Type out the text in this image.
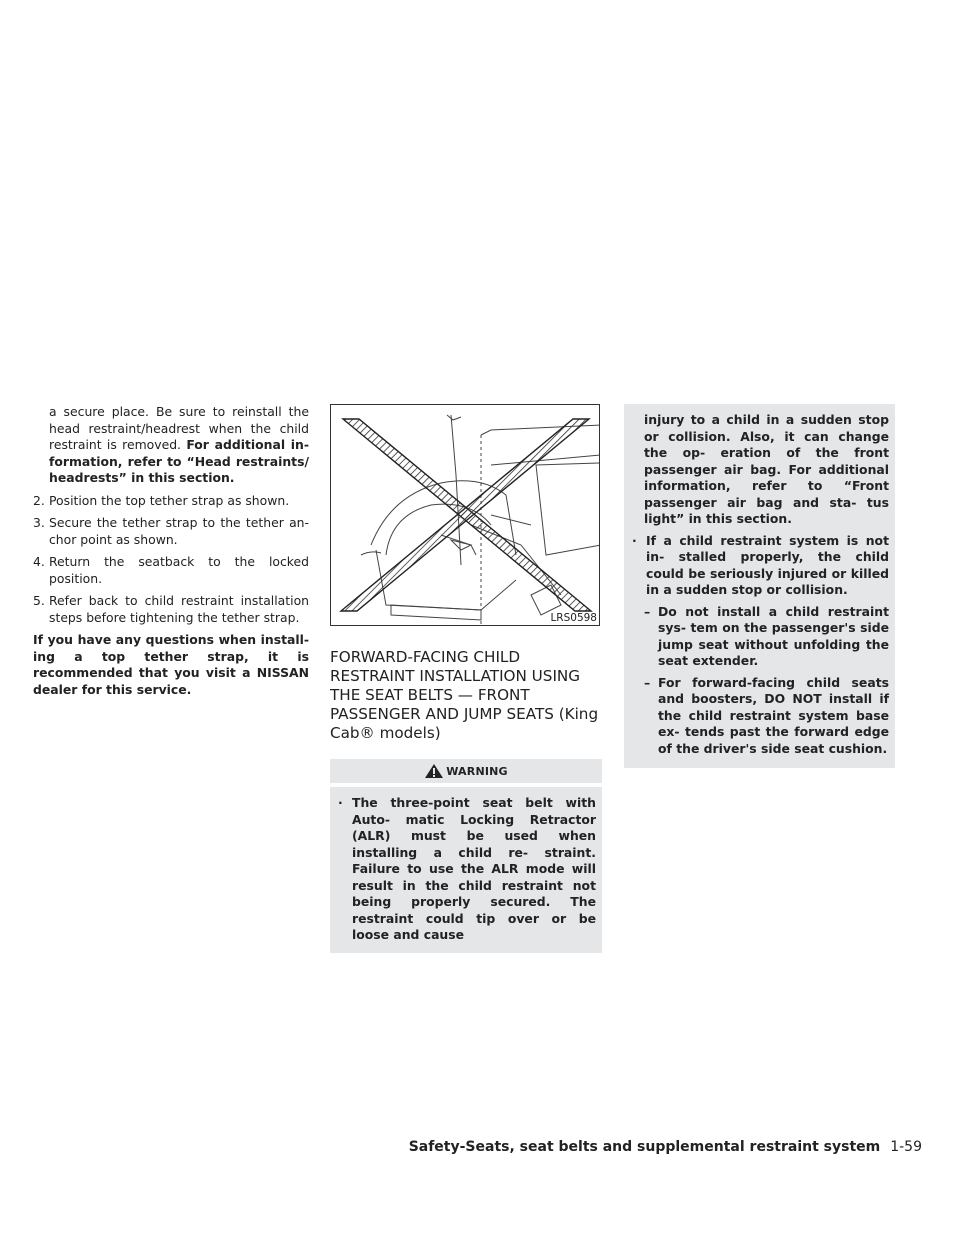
a secure place. Be sure to reinstall the head restraint/headrest when the child restraint is removed. For additional in- formation, refer to “Head restraints/ headrests” in this section.

2. Position the top tether strap as shown.
3. Secure the tether strap to the tether an- chor point as shown.
4. Return the seatback to the locked position.
5. Refer back to child restraint installation steps before tightening the tether strap.

If you have any questions when install- ing a top tether strap, it is recommended that you visit a NISSAN dealer for this service.

LRS0598
FORWARD-FACING CHILD RESTRAINT INSTALLATION USING THE SEAT BELTS — FRONT PASSENGER AND JUMP SEATS (King Cab® models)
WARNING
· The three-point seat belt with Auto- matic Locking Retractor (ALR) must be used when installing a child re- straint. Failure to use the ALR mode will result in the child restraint not being properly secured. The restraint could tip over or be loose and cause

injury to a child in a sudden stop or collision. Also, it can change the op- eration of the front passenger air bag. For additional information, refer to “Front passenger air bag and sta- tus light” in this section.

· If a child restraint system is not in- stalled properly, the child could be seriously injured or killed in a sudden stop or collision.
– Do not install a child restraint sys- tem on the passenger's side jump seat without unfolding the seat extender.
– For forward-facing child seats and boosters, DO NOT install if the child restraint system base ex- tends past the forward edge of the driver's side seat cushion.
Safety-Seats, seat belts and supplemental restraint system 1-59
